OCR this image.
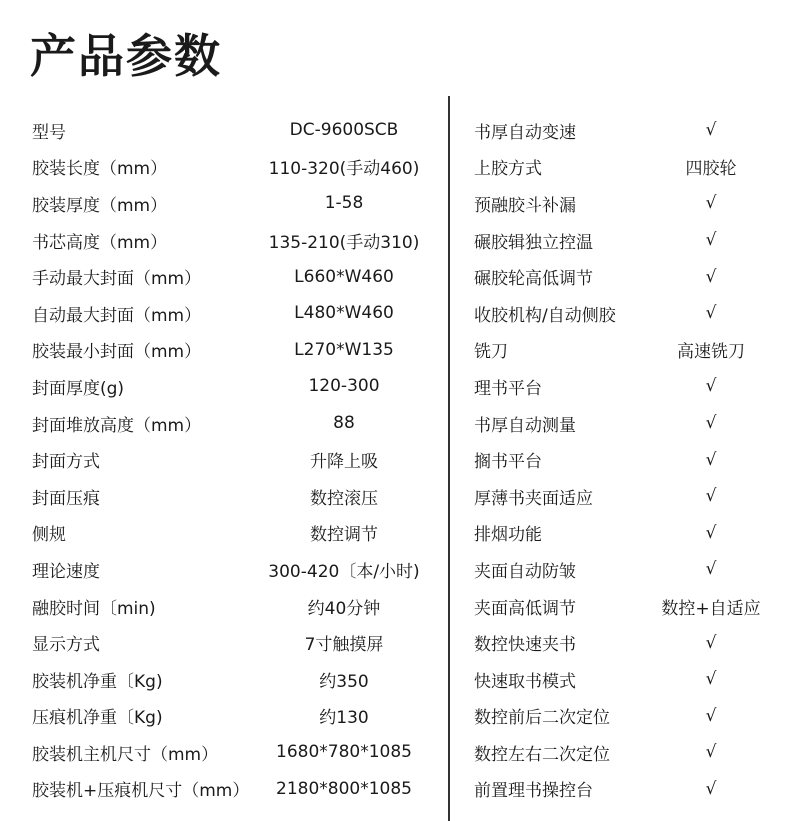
产品参数
型号	DC-9600SCB
胶装长度（mm）	110-320(手动460)
胶装厚度（mm）	1-58
书芯高度（mm）	135-210(手动310)
手动最大封面（mm）	L660*W460
自动最大封面（mm）	L480*W460
胶装最小封面（mm）	L270*W135
封面厚度(g)	120-300
封面堆放高度（mm）	88
封面方式	升降上吸
封面压痕	数控滚压
侧规	数控调节
理论速度	300-420〔本/小时)
融胶时间〔min)	约40分钟
显示方式	7寸触摸屏
胶装机净重〔Kg)	约350
压痕机净重〔Kg)	约130
胶装机主机尺寸（mm）	1680*780*1085
胶装机+压痕机尺寸（mm）	2180*800*1085
书厚自动变速	√
上胶方式	四胶轮
预融胶斗补漏	√
碾胶辑独立控温	√
碾胶轮高低调节	√
收胶机构/自动侧胶	√
铣刀	高速铣刀
理书平台	√
书厚自动测量	√
搁书平台	√
厚薄书夹面适应	√
排烟功能	√
夹面自动防皱	√
夹面高低调节	数控+自适应
数控快速夹书	√
快速取书模式	√
数控前后二次定位	√
数控左右二次定位	√
前置理书操控台	√
